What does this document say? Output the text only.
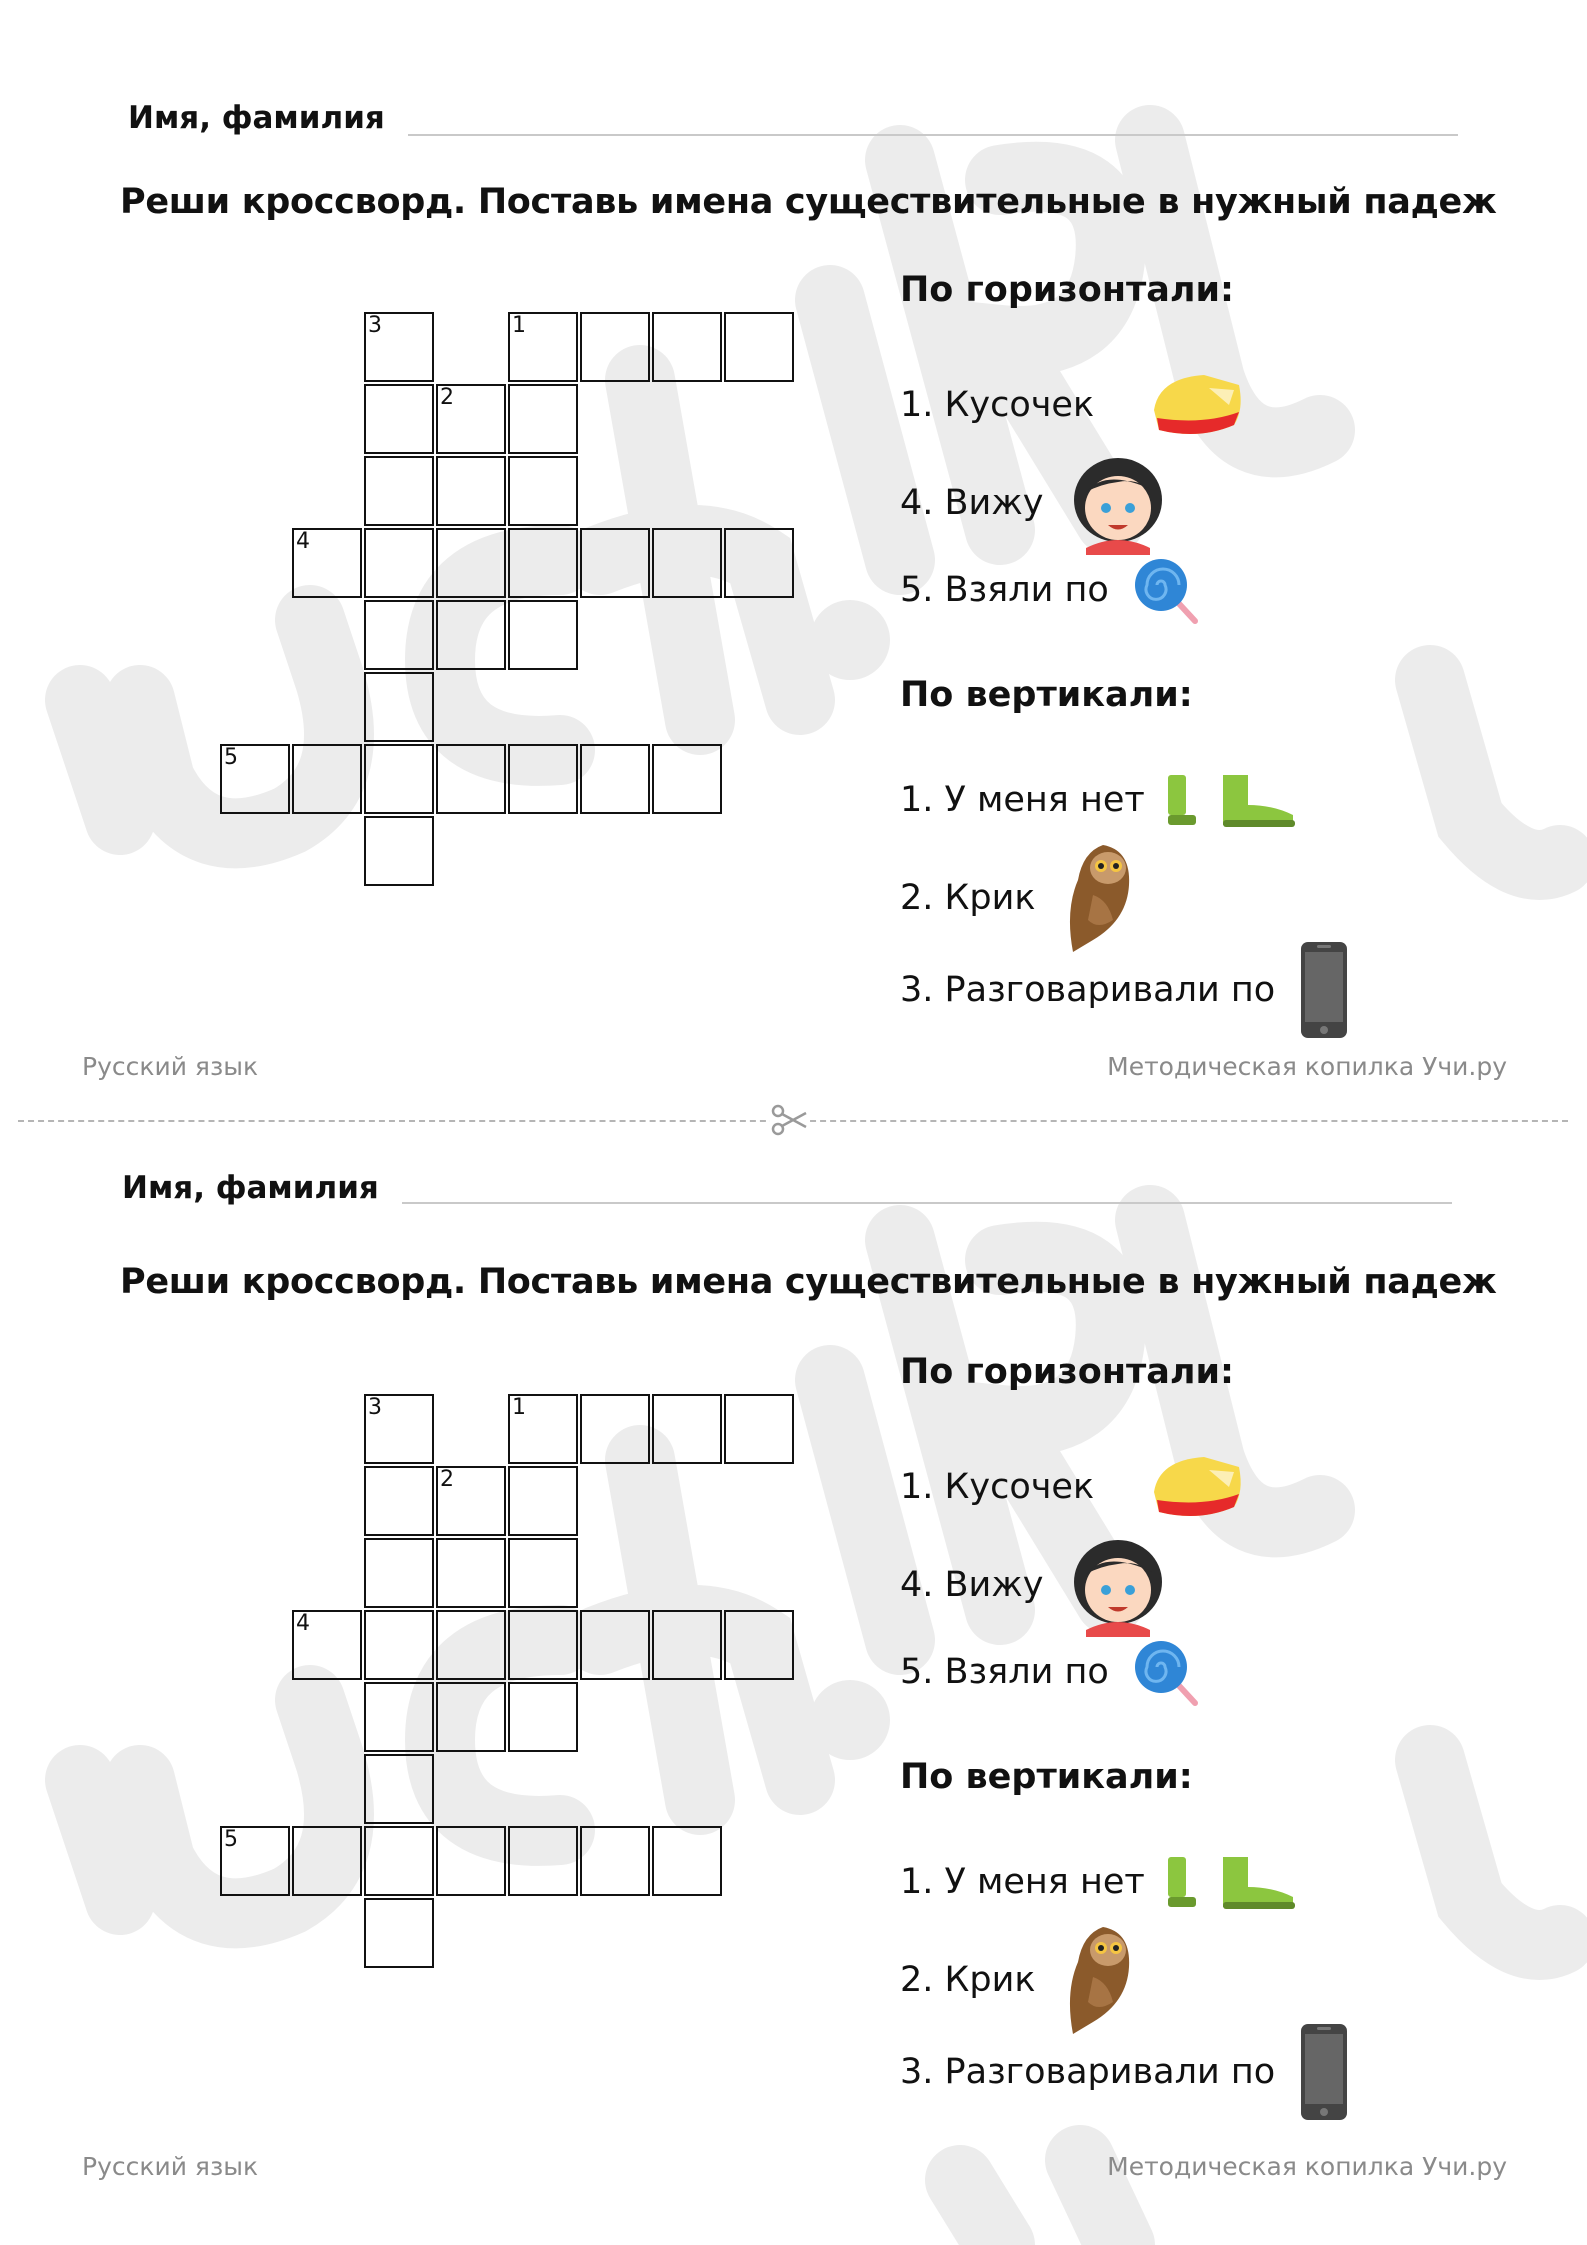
Имя, фамилия
Реши кроссворд. Поставь имена существительные в нужный падеж
3	1
2
4
5
По горизонтали:
1. Кусочек
4. Вижу
5. Взяли по
По вертикали:
1. У меня нет
2. Крик
3. Разговаривали по
Русский язык	Методическая копилка Учи.ру
Имя, фамилия
Реши кроссворд. Поставь имена существительные в нужный падеж
3	1
2
4
5
По горизонтали:
1. Кусочек
4. Вижу
5. Взяли по
По вертикали:
1. У меня нет
2. Крик
3. Разговаривали по
Русский язык	Методическая копилка Учи.ру
